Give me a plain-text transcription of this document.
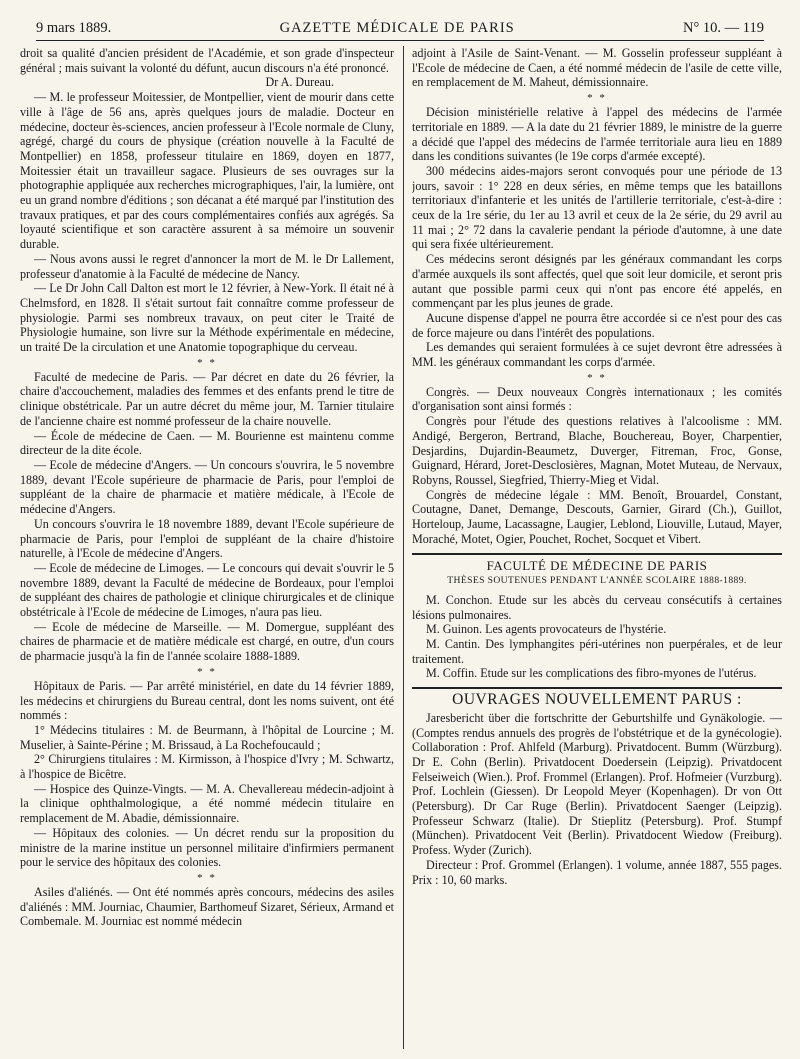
9 mars 1889.	GAZETTE MÉDICALE DE PARIS	N° 10. — 119

droit sa qualité d'ancien président de l'Académie, et son grade d'inspecteur général ; mais suivant la volonté du défunt, aucun discours n'a été prononcé.

Dr A. Dureau.

— M. le professeur Moitessier, de Montpellier, vient de mourir dans cette ville à l'âge de 56 ans, après quelques jours de maladie. Docteur en médecine, docteur ès-sciences, ancien professeur à l'Ecole normale de Cluny, agrégé, chargé du cours de physique (création nouvelle à la Faculté de Montpellier) en 1858, professeur titulaire en 1869, doyen en 1877, Moitessier était un travailleur sagace. Plusieurs de ses ouvrages sur la photographie appliquée aux recherches micrographiques, l'air, la lumière, ont eu un grand nombre d'éditions ; son décanat a été marqué par l'institution des travaux pratiques, et par des cours complémentaires confiés aux agrégés. Sa loyauté scientifique et son caractère assurent à sa mémoire un souvenir durable.

— Nous avons aussi le regret d'annoncer la mort de M. le Dr Lallement, professeur d'anatomie à la Faculté de médecine de Nancy.

— Le Dr John Call Dalton est mort le 12 février, à New-York. Il était né à Chelmsford, en 1828. Il s'était surtout fait connaître comme professeur de physiologie. Parmi ses nombreux travaux, on peut citer le Traité de Physiologie humaine, son livre sur la Méthode expérimentale en médecine, un traité De la circulation et une Anatomie topographique du cerveau.

* *

Faculté de medecine de Paris. — Par décret en date du 26 février, la chaire d'accouchement, maladies des femmes et des enfants prend le titre de clinique obstétricale. Par un autre décret du même jour, M. Tarnier titulaire de l'ancienne chaire est nommé professeur de la chaire nouvelle.

— École de médecine de Caen. — M. Bourienne est maintenu comme directeur de la dite école.

— Ecole de médecine d'Angers. — Un concours s'ouvrira, le 5 novembre 1889, devant l'Ecole supérieure de pharmacie de Paris, pour l'emploi de suppléant de la chaire de pharmacie et matière médicale, à l'Ecole de médecine d'Angers.

Un concours s'ouvrira le 18 novembre 1889, devant l'Ecole supérieure de pharmacie de Paris, pour l'emploi de suppléant de la chaire d'histoire naturelle, à l'Ecole de médecine d'Angers.

— Ecole de médecine de Limoges. — Le concours qui devait s'ouvrir le 5 novembre 1889, devant la Faculté de médecine de Bordeaux, pour l'emploi de suppléant des chaires de pathologie et clinique chirurgicales et de clinique obstétricale à l'Ecole de médecine de Limoges, n'aura pas lieu.

— Ecole de médecine de Marseille. — M. Domergue, suppléant des chaires de pharmacie et de matière médicale est chargé, en outre, d'un cours de pharmacie jusqu'à la fin de l'année scolaire 1888-1889.

* *

Hôpitaux de Paris. — Par arrêté ministériel, en date du 14 février 1889, les médecins et chirurgiens du Bureau central, dont les noms suivent, ont été nommés :

1° Médecins titulaires : M. de Beurmann, à l'hôpital de Lourcine ; M. Muselier, à Sainte-Périne ; M. Brissaud, à La Rochefoucauld ;

2° Chirurgiens titulaires : M. Kirmisson, à l'hospice d'Ivry ; M. Schwartz, à l'hospice de Bicêtre.

— Hospice des Quinze-Vingts. — M. A. Chevallereau médecin-adjoint à la clinique ophthalmologique, a été nommé médecin titulaire en remplacement de M. Abadie, démissionnaire.

— Hôpitaux des colonies. — Un décret rendu sur la proposition du ministre de la marine institue un personnel militaire d'infirmiers permanent pour le service des hôpitaux des colonies.

* *

Asiles d'aliénés. — Ont été nommés après concours, médecins des asiles d'aliénés : MM. Journiac, Chaumier, Barthomeuf Sizaret, Sérieux, Armand et Combemale. M. Journiac est nommé médecin

adjoint à l'Asile de Saint-Venant. — M. Gosselin professeur suppléant à l'Ecole de médecine de Caen, a été nommé médecin de l'asile de cette ville, en remplacement de M. Maheut, démissionnaire.

* *

Décision ministérielle relative à l'appel des médecins de l'armée territoriale en 1889. — A la date du 21 février 1889, le ministre de la guerre a décidé que l'appel des médecins de l'armée territoriale aura lieu en 1889 dans les conditions suivantes (le 19e corps d'armée excepté).

300 médecins aides-majors seront convoqués pour une période de 13 jours, savoir : 1° 228 en deux séries, en même temps que les bataillons territoriaux d'infanterie et les unités de l'artillerie territoriale, c'est-à-dire : ceux de la 1re série, du 1er au 13 avril et ceux de la 2e série, du 29 avril au 11 mai ; 2° 72 dans la cavalerie pendant la période d'automne, à une date qui sera fixée ultérieurement.

Ces médecins seront désignés par les généraux commandant les corps d'armée auxquels ils sont affectés, quel que soit leur domicile, et seront pris autant que possible parmi ceux qui n'ont pas encore été appelés, en commençant par les plus jeunes de grade.

Aucune dispense d'appel ne pourra être accordée si ce n'est pour des cas de force majeure ou dans l'intérêt des populations.

Les demandes qui seraient formulées à ce sujet devront être adressées à MM. les généraux commandant les corps d'armée.

* *

Congrès. — Deux nouveaux Congrès internationaux ; les comités d'organisation sont ainsi formés :

Congrès pour l'étude des questions relatives à l'alcoolisme : MM. Andigé, Bergeron, Bertrand, Blache, Bouchereau, Boyer, Charpentier, Desjardins, Dujardin-Beaumetz, Duverger, Fitreman, Froc, Gonse, Guignard, Hérard, Joret-Desclosières, Magnan, Motet Muteau, de Nervaux, Robyns, Roussel, Siegfried, Thierry-Mieg et Vidal.

Congrès de médecine légale : MM. Benoît, Brouardel, Constant, Coutagne, Danet, Demange, Descouts, Garnier, Girard (Ch.), Guillot, Horteloup, Jaume, Lacassagne, Laugier, Leblond, Liouville, Lutaud, Mayer, Moraché, Motet, Ogier, Pouchet, Rochet, Socquet et Vibert.

FACULTÉ DE MÉDECINE DE PARIS

THÈSES SOUTENUES PENDANT L'ANNÉE SCOLAIRE 1888-1889.

M. Conchon. Etude sur les abcès du cerveau consécutifs à certaines lésions pulmonaires.

M. Guinon. Les agents provocateurs de l'hystérie.

M. Cantin. Des lymphangites péri-utérines non puerpérales, et de leur traitement.

M. Coffin. Etude sur les complications des fibro-myones de l'utérus.

OUVRAGES NOUVELLEMENT PARUS :

Jaresbericht über die fortschritte der Geburtshilfe und Gynäkologie. — (Comptes rendus annuels des progrès de l'obstétrique et de la gynécologie). Collaboration : Prof. Ahlfeld (Marburg). Privatdocent. Bumm (Würzburg). Dr E. Cohn (Berlin). Privatdocent Doedersein (Leipzig). Privatdocent Felseiweich (Wien.). Prof. Frommel (Erlangen). Prof. Hofmeier (Vurzburg). Prof. Lochlein (Giessen). Dr Leopold Meyer (Kopenhagen). Dr von Ott (Petersburg). Dr Car Ruge (Berlin). Privatdocent Saenger (Leipzig). Professeur Schwarz (Italie). Dr Stieplitz (Petersburg). Prof. Stumpf (München). Privatdocent Veit (Berlin). Privatdocent Wiedow (Freiburg). Profess. Wyder (Zurich).

Directeur : Prof. Grommel (Erlangen). 1 volume, année 1887, 555 pages. Prix : 10, 60 marks.
